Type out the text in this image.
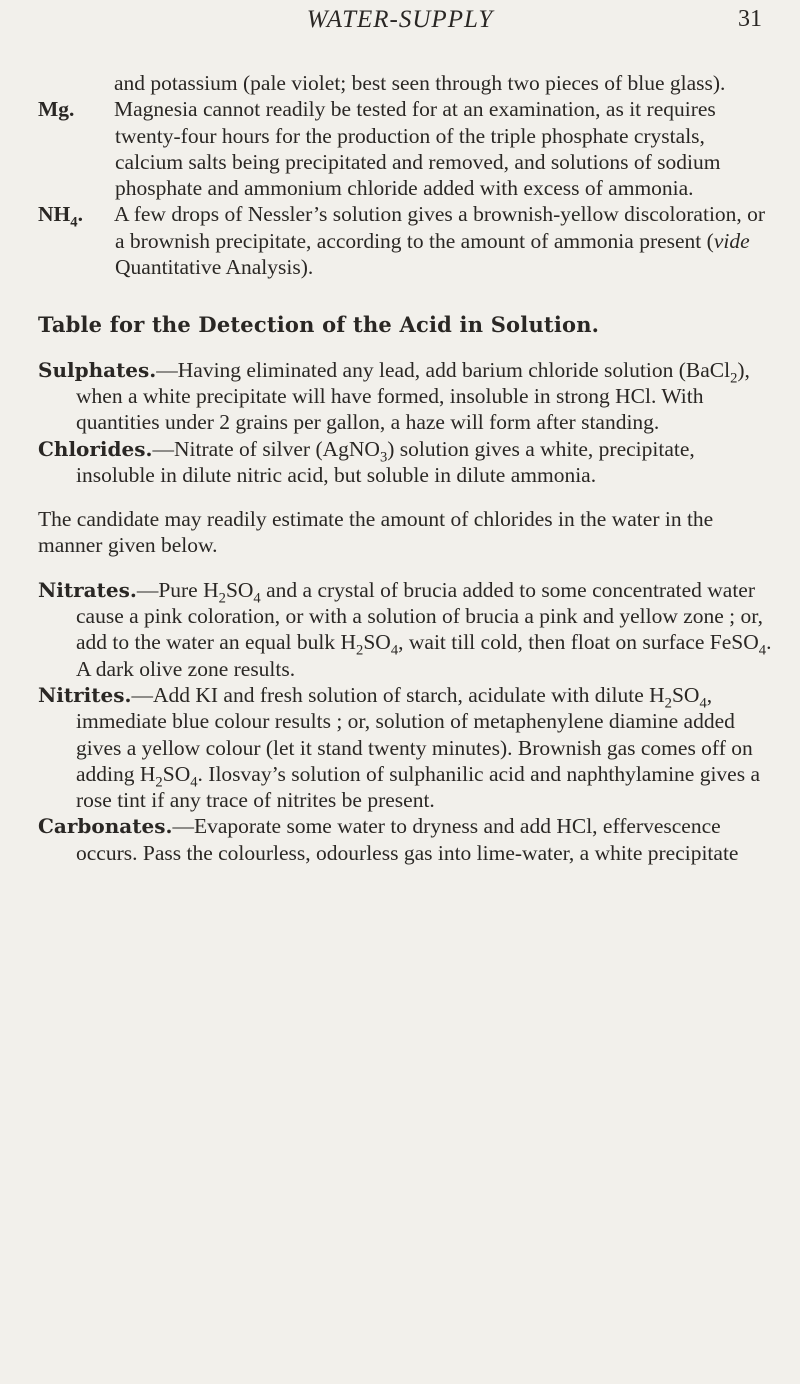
WATER-SUPPLY	31

and potassium (pale violet; best seen through two pieces of blue glass).

Mg. Magnesia cannot readily be tested for at an examination, as it requires twenty-four hours for the production of the triple phosphate crystals, calcium salts being precipitated and removed, and solutions of sodium phosphate and ammonium chloride added with excess of ammonia.

$NH_4$. A few drops of Nessler’s solution gives a brownish-yellow discoloration, or a brownish precipitate, according to the amount of ammonia present (vide Quantitative Analysis).

Table for the Detection of the Acid in Solution.

Sulphates.—Having eliminated any lead, add barium chloride solution (BaCl$_2$), when a white precipitate will have formed, insoluble in strong HCl. With quantities under 2 grains per gallon, a haze will form after standing.

Chlorides.—Nitrate of silver (AgNO$_3$) solution gives a white, precipitate, insoluble in dilute nitric acid, but soluble in dilute ammonia.

The candidate may readily estimate the amount of chlorides in the water in the manner given below.

Nitrates.—Pure $H_2SO_4$ and a crystal of brucia added to some concentrated water cause a pink coloration, or with a solution of brucia a pink and yellow zone ; or, add to the water an equal bulk $H_2SO_4$, wait till cold, then float on surface FeSO$_4$. A dark olive zone results.

Nitrites.—Add KI and fresh solution of starch, acidulate with dilute $H_2SO_4$, immediate blue colour results ; or, solution of metaphenylene diamine added gives a yellow colour (let it stand twenty minutes). Brownish gas comes off on adding $H_2SO_4$. Ilosvay’s solution of sulphanilic acid and naphthylamine gives a rose tint if any trace of nitrites be present.

Carbonates.—Evaporate some water to dryness and add HCl, effervescence occurs. Pass the colourless, odourless gas into lime-water, a white precipitate
